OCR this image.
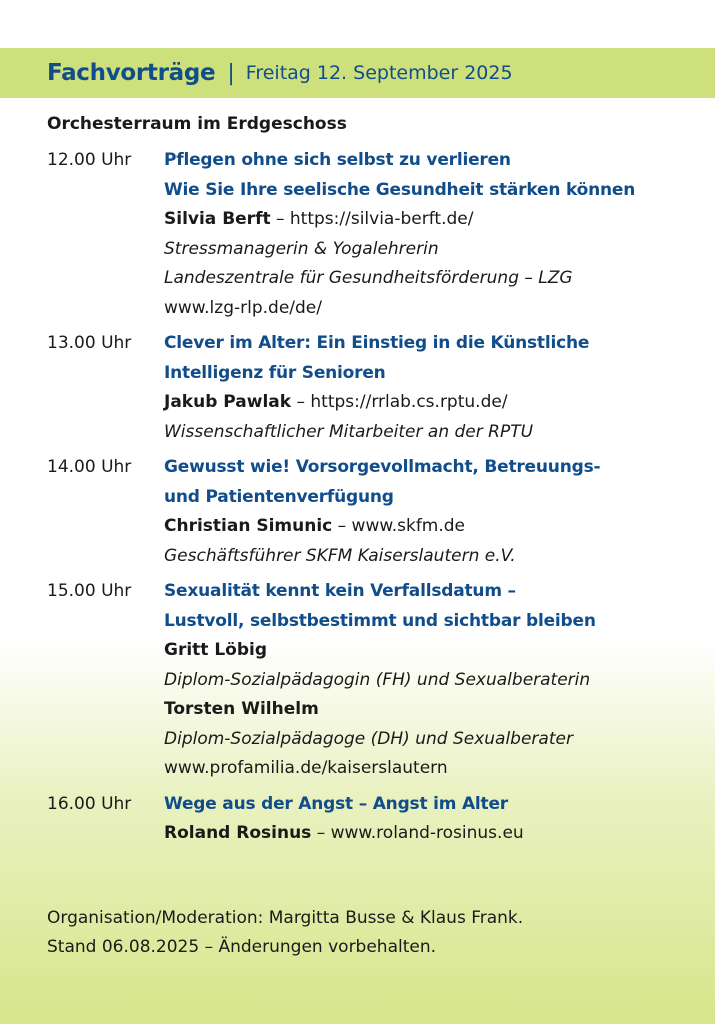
Fachvorträge | Freitag 12. September 2025
Orchesterraum im Erdgeschoss
12.00 Uhr	Pflegen ohne sich selbst zu verlieren
Wie Sie Ihre seelische Gesundheit stärken können
Silvia Berft – https://silvia-berft.de/
Stressmanagerin & Yogalehrerin
Landeszentrale für Gesundheitsförderung – LZG
www.lzg-rlp.de/de/
13.00 Uhr	Clever im Alter: Ein Einstieg in die Künstliche
Intelligenz für Senioren
Jakub Pawlak – https://rrlab.cs.rptu.de/
Wissenschaftlicher Mitarbeiter an der RPTU
14.00 Uhr	Gewusst wie! Vorsorgevollmacht, Betreuungs-
und Patientenverfügung
Christian Simunic – www.skfm.de
Geschäftsführer SKFM Kaiserslautern e.V.
15.00 Uhr	Sexualität kennt kein Verfallsdatum –
Lustvoll, selbstbestimmt und sichtbar bleiben
Gritt Löbig
Diplom-Sozialpädagogin (FH) und Sexualberaterin
Torsten Wilhelm
Diplom-Sozialpädagoge (DH) und Sexualberater
www.profamilia.de/kaiserslautern
16.00 Uhr	Wege aus der Angst – Angst im Alter
Roland Rosinus – www.roland-rosinus.eu
Organisation/Moderation: Margitta Busse & Klaus Frank.
Stand 06.08.2025 – Änderungen vorbehalten.
